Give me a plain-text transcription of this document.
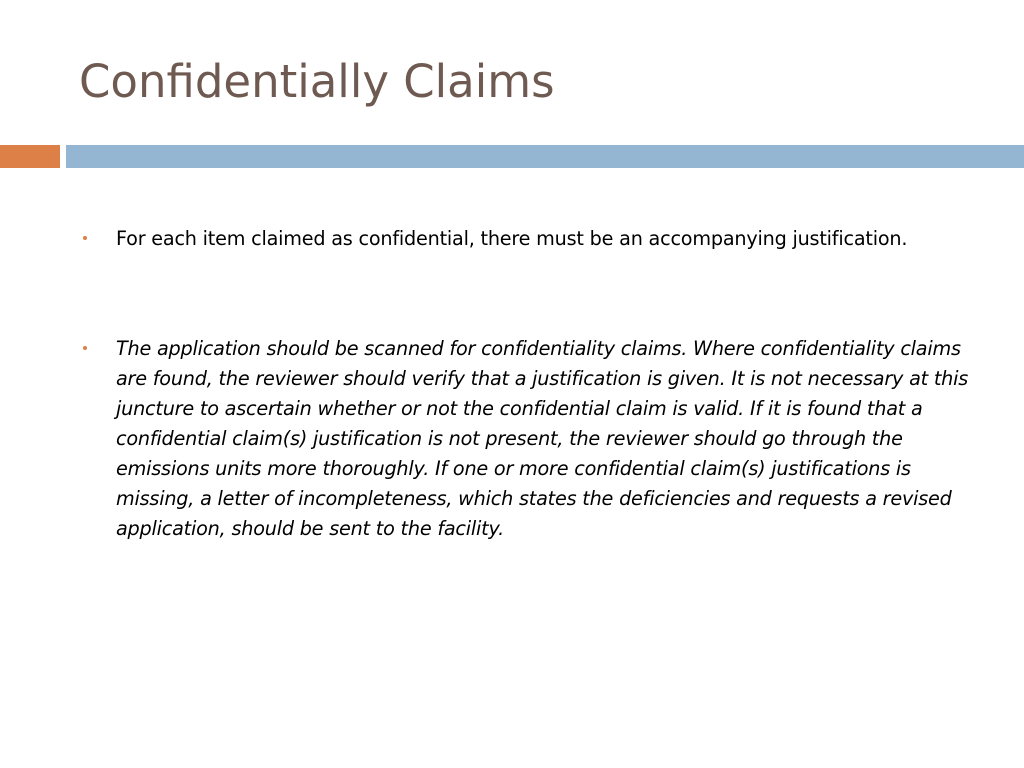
Confidentially Claims

For each item claimed as confidential, there must be an accompanying justification.

The application should be scanned for confidentiality claims. Where confidentiality claims are found, the reviewer should verify that a justification is given. It is not necessary at this juncture to ascertain whether or not the confidential claim is valid. If it is found that a confidential claim(s) justification is not present, the reviewer should go through the emissions units more thoroughly. If one or more confidential claim(s) justifications is missing, a letter of incompleteness, which states the deficiencies and requests a revised application, should be sent to the facility.
